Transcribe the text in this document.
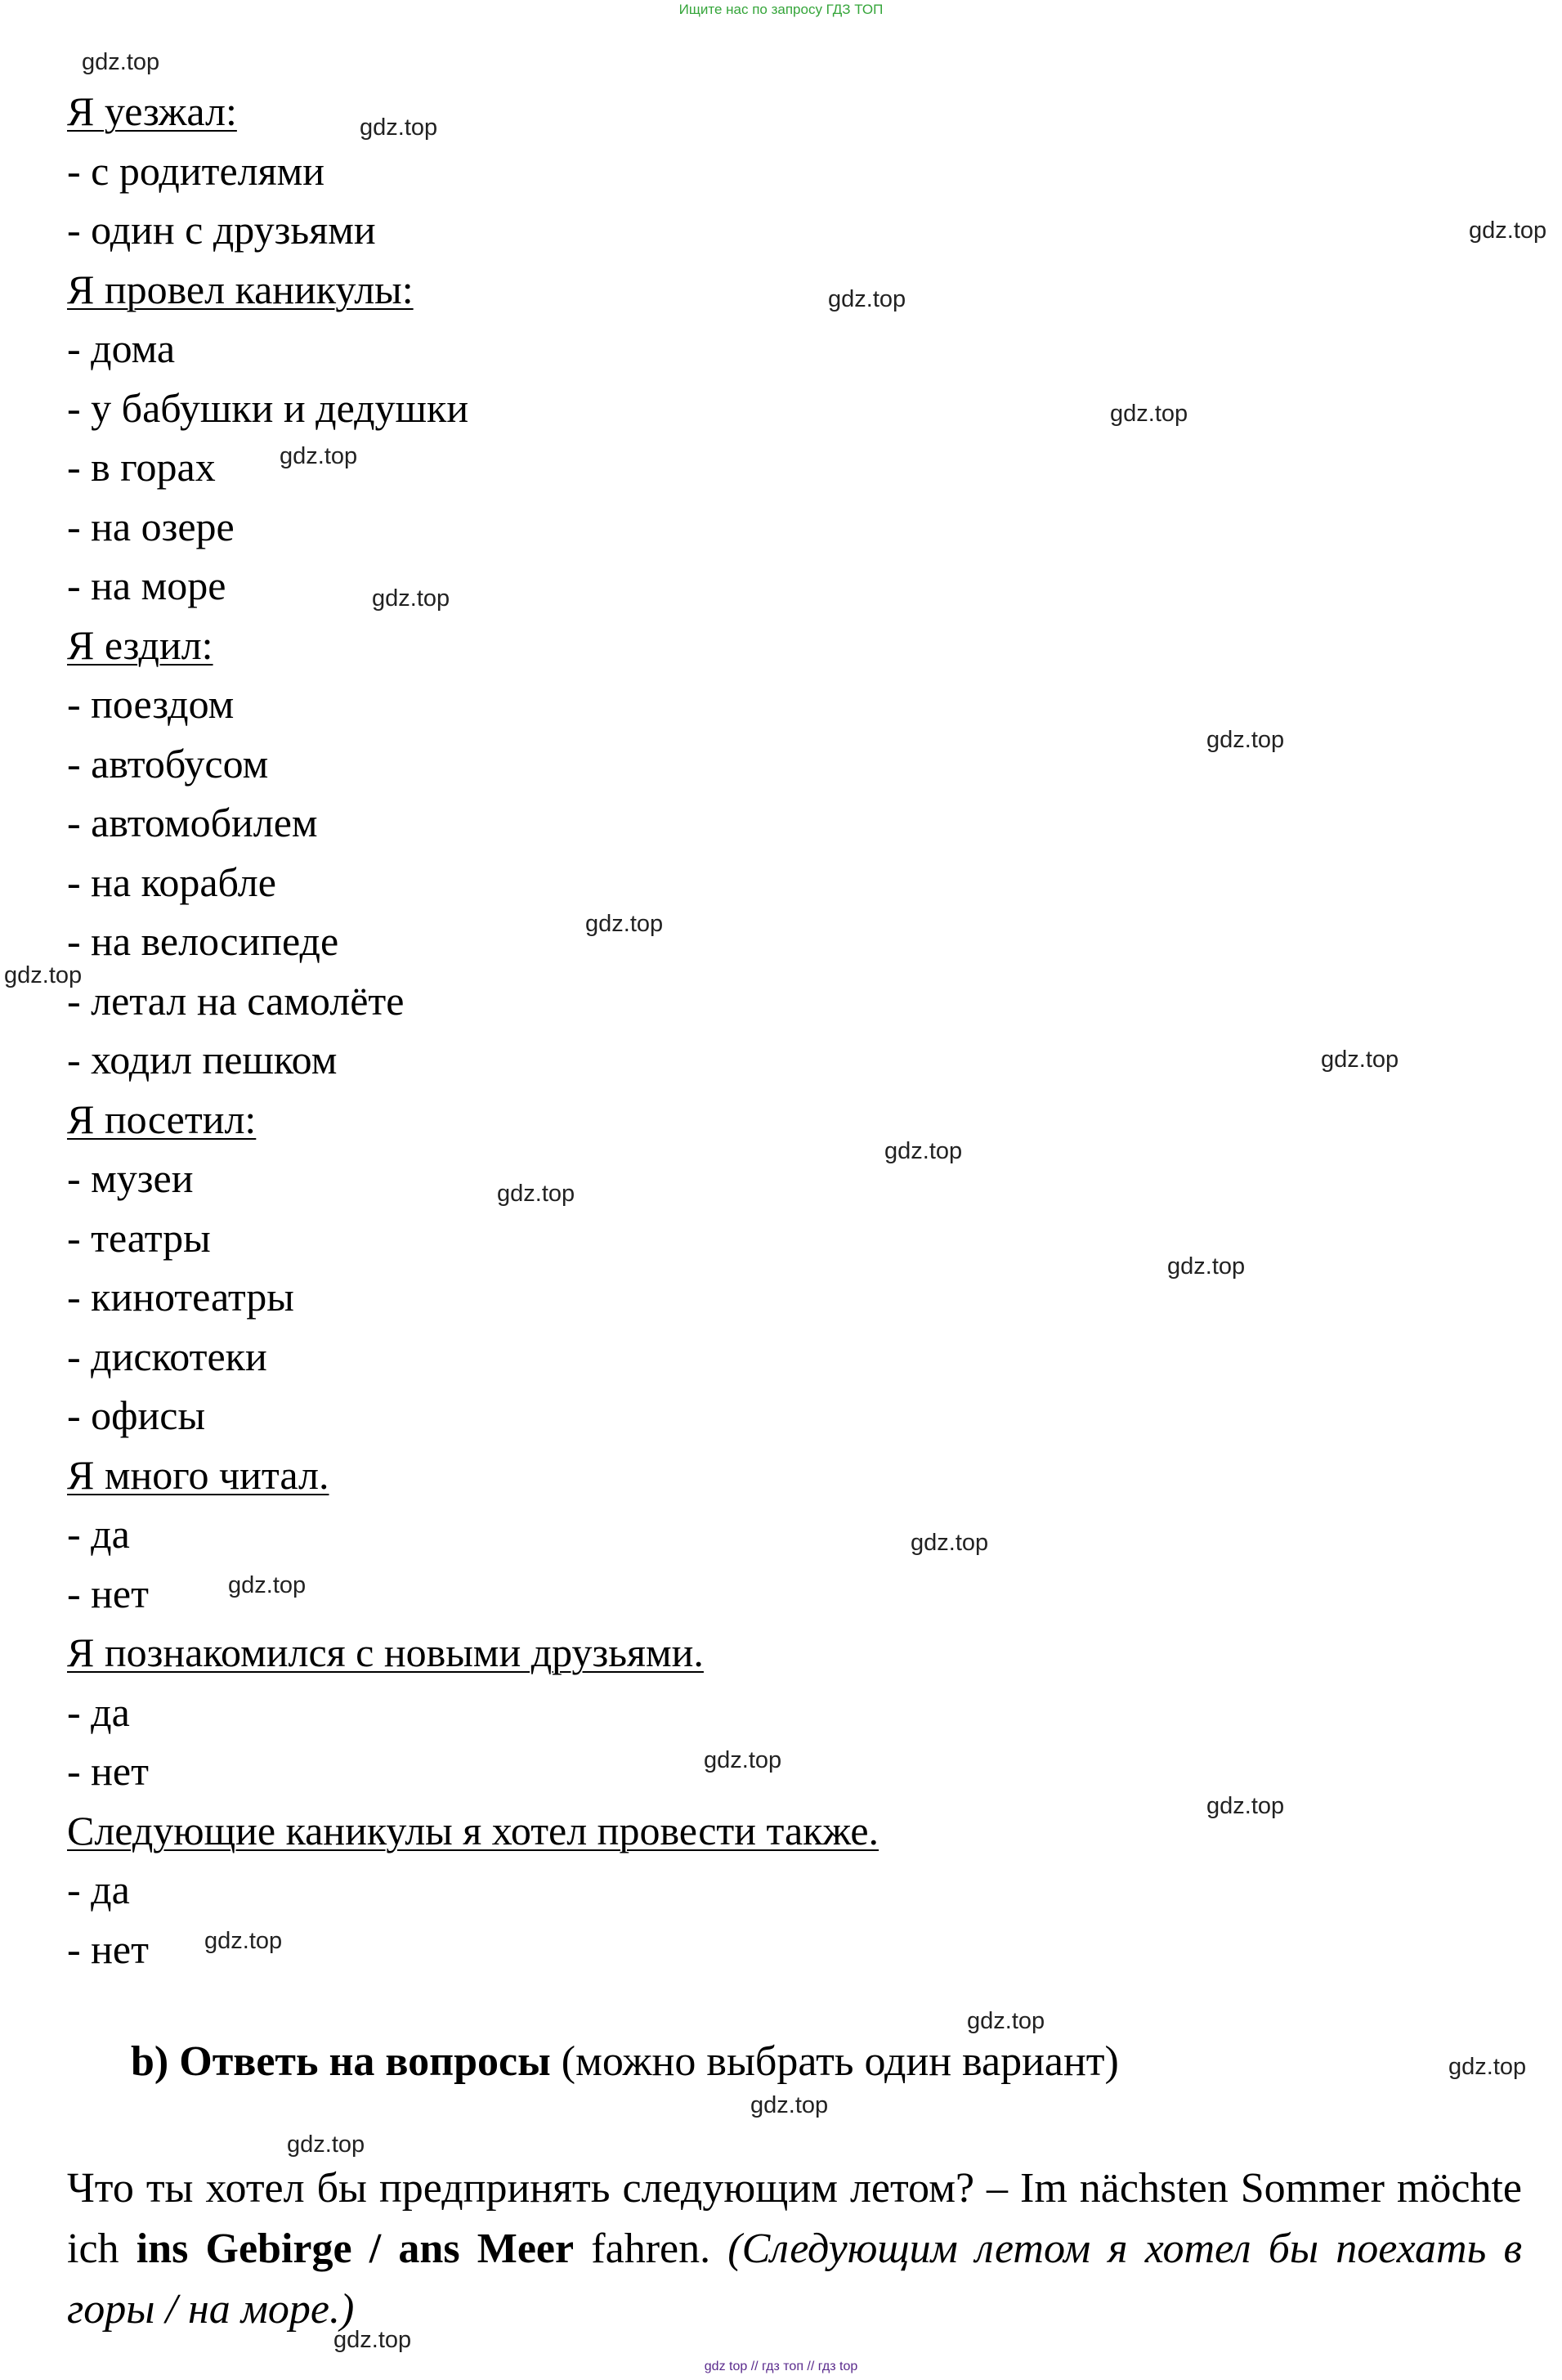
Ищите нас по запросу ГДЗ ТОП
Я уезжал:
- с родителями
- один с друзьями
Я провел каникулы:
- дома
- у бабушки и дедушки
- в горах
- на озере
- на море
Я ездил:
- поездом
- автобусом
- автомобилем
- на корабле
- на велосипеде
- летал на самолёте
- ходил пешком
Я посетил:
- музеи
- театры
- кинотеатры
- дискотеки
- офисы
Я много читал.
- да
- нет
Я познакомился с новыми друзьями.
- да
- нет
Следующие каникулы я хотел провести также.
- да
- нет
b) Ответь на вопросы (можно выбрать один вариант)
Что ты хотел бы предпринять следующим летом? – Im nächsten Sommer möchte ich ins Gebirge / ans Meer fahren. (Следующим летом я хотел бы поехать в горы / на море.)
gdz.top
gdz.top
gdz.top
gdz.top
gdz.top
gdz.top
gdz.top
gdz.top
gdz.top
gdz.top
gdz.top
gdz.top
gdz.top
gdz.top
gdz.top
gdz.top
gdz.top
gdz.top
gdz.top
gdz.top
gdz.top
gdz.top
gdz.top
gdz.top
gdz top // гдз топ // гдз top
